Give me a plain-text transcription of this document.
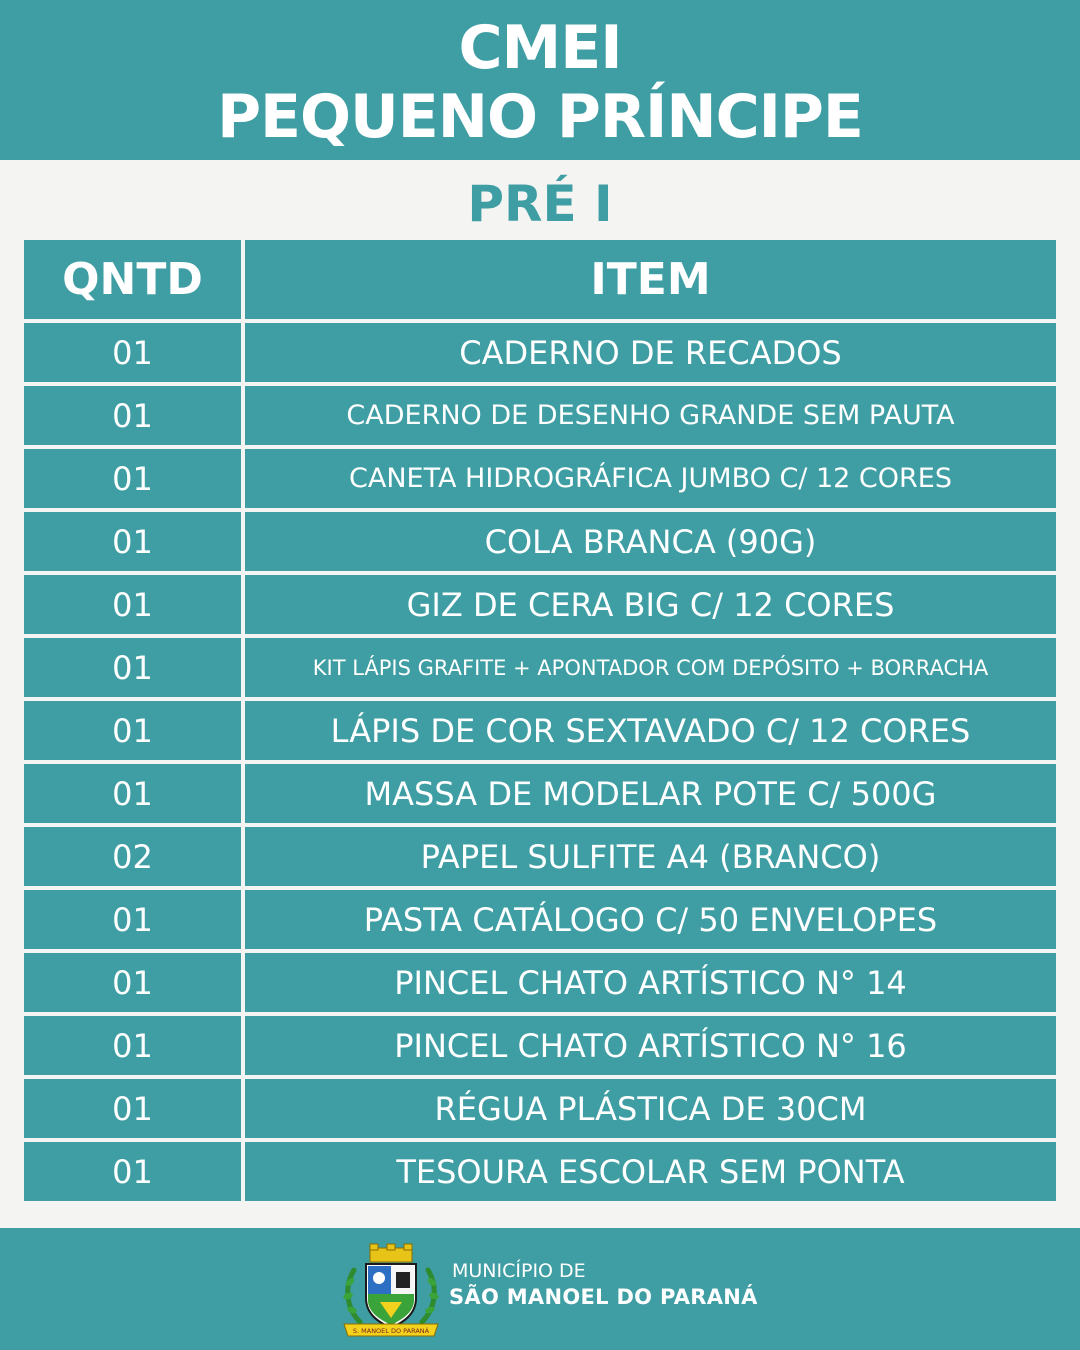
CMEI
PEQUENO PRÍNCIPE
PRÉ I
QNTD	ITEM
01	CADERNO DE RECADOS
01	CADERNO DE DESENHO GRANDE SEM PAUTA
01	CANETA HIDROGRÁFICA JUMBO C/ 12 CORES
01	COLA BRANCA (90G)
01	GIZ DE CERA BIG C/ 12 CORES
01	KIT LÁPIS GRAFITE + APONTADOR COM DEPÓSITO + BORRACHA
01	LÁPIS DE COR SEXTAVADO C/ 12 CORES
01	MASSA DE MODELAR POTE C/ 500G
02	PAPEL SULFITE A4 (BRANCO)
01	PASTA CATÁLOGO C/ 50 ENVELOPES
01	PINCEL CHATO ARTÍSTICO N° 14
01	PINCEL CHATO ARTÍSTICO N° 16
01	RÉGUA PLÁSTICA DE 30CM
01	TESOURA ESCOLAR SEM PONTA
S. MANOEL DO PARANÁ
MUNICÍPIO DE
SÃO MANOEL DO PARANÁ
